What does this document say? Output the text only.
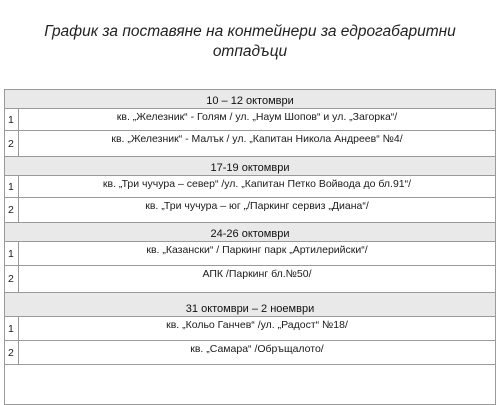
График за поставяне на контейнери за едрогабаритни
отпадъци
10 – 12 октомври	
1	кв. „Железник“ - Голям / ул. „Наум Шопов“ и ул. „Загорка“/
2	кв. „Железник“ - Малък / ул. „Капитан Никола Андреев“ №4/
17-19 октомври	
1	кв. „Три чучура – север“ /ул. „Капитан Петко Войвода до бл.91“/
2	кв. „Три чучура – юг „/Паркинг сервиз „Диана“/
24-26 октомври	
1	кв. „Казански“ / Паркинг парк „Артилерийски“/
2	АПК /Паркинг бл.№50/
31 октомври – 2 ноември	
1	кв. „Кольо Ганчев“ /ул. „Радост“ №18/
2	кв. „Самара“ /Обръщалото/
